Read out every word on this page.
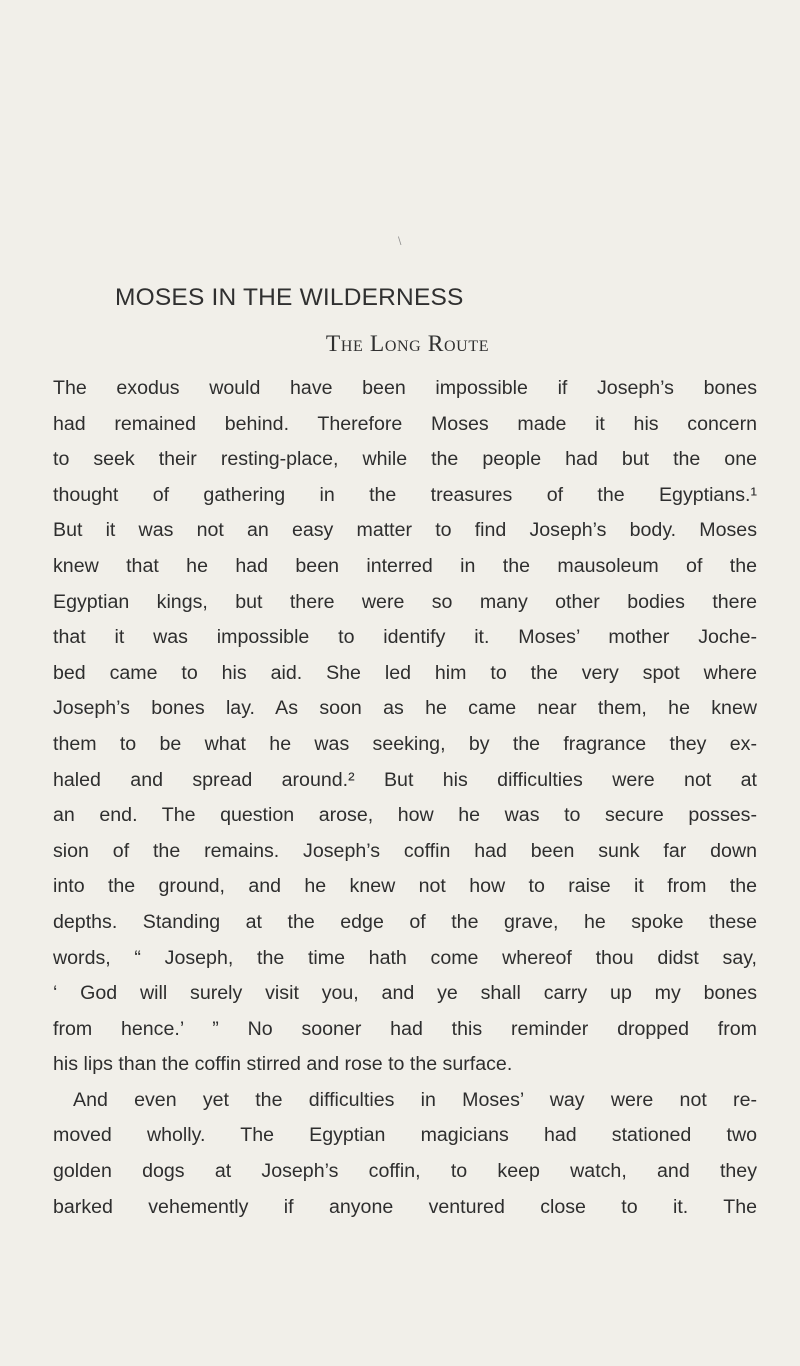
\
MOSES IN THE WILDERNESS
The Long Route
The exodus would have been impossible if Joseph’s bones
had remained behind. Therefore Moses made it his concern
to seek their resting-place, while the people had but the one
thought of gathering in the treasures of the Egyptians.¹
But it was not an easy matter to find Joseph’s body. Moses
knew that he had been interred in the mausoleum of the
Egyptian kings, but there were so many other bodies there
that it was impossible to identify it. Moses’ mother Joche-
bed came to his aid. She led him to the very spot where
Joseph’s bones lay. As soon as he came near them, he knew
them to be what he was seeking, by the fragrance they ex-
haled and spread around.² But his difficulties were not at
an end. The question arose, how he was to secure posses-
sion of the remains. Joseph’s coffin had been sunk far down
into the ground, and he knew not how to raise it from the
depths. Standing at the edge of the grave, he spoke these
words, “ Joseph, the time hath come whereof thou didst say,
‘ God will surely visit you, and ye shall carry up my bones
from hence.’ ” No sooner had this reminder dropped from
his lips than the coffin stirred and rose to the surface.
And even yet the difficulties in Moses’ way were not re-
moved wholly. The Egyptian magicians had stationed two
golden dogs at Joseph’s coffin, to keep watch, and they
barked vehemently if anyone ventured close to it. The
